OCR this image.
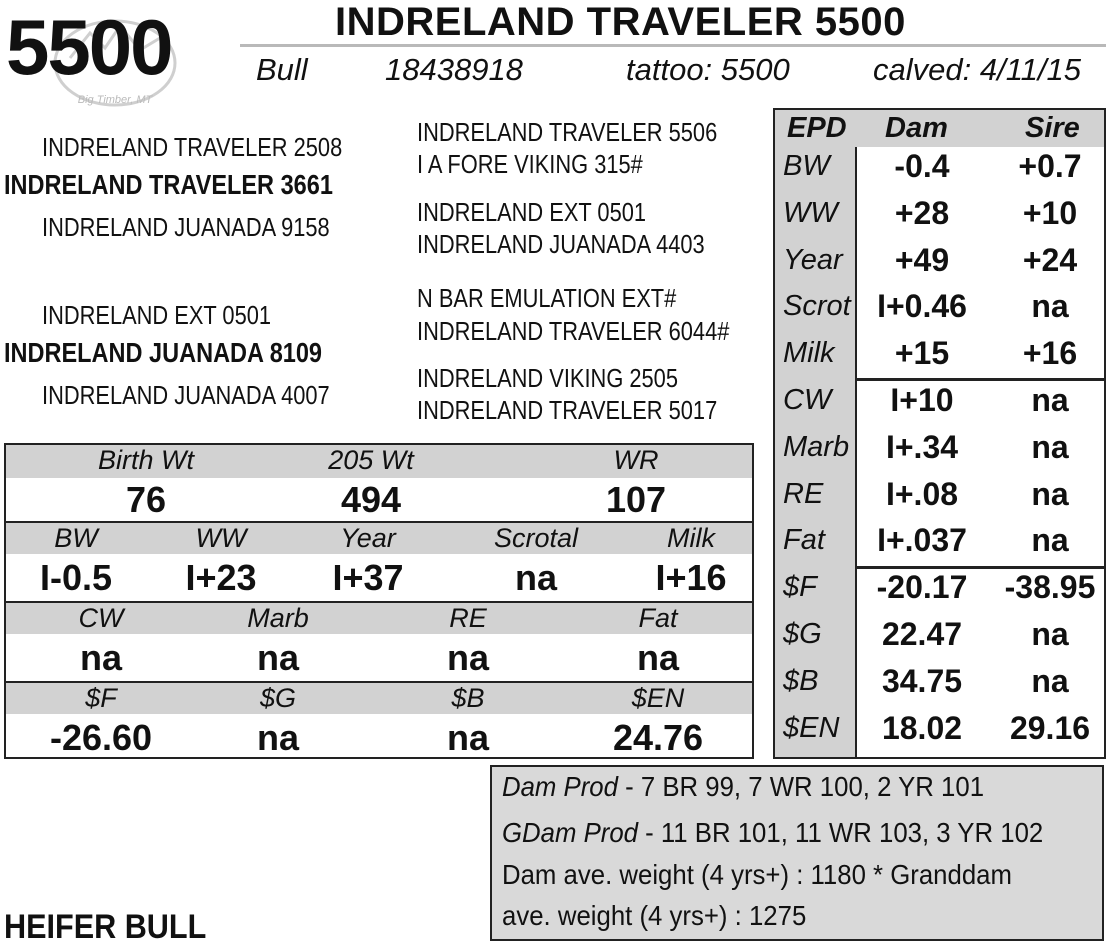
Big Timber, MT
5500	INDRELAND TRAVELER 5500
Bull 18438918	tattoo: 5500	calved: 4/11/15
INDRELAND TRAVELER 2508
INDRELAND TRAVELER 3661
INDRELAND JUANADA 9158
INDRELAND EXT 0501
INDRELAND JUANADA 8109
INDRELAND JUANADA 4007
INDRELAND TRAVELER 5506
I A FORE VIKING 315#
INDRELAND EXT 0501
INDRELAND JUANADA 4403
N BAR EMULATION EXT#
INDRELAND TRAVELER 6044#
INDRELAND VIKING 2505
INDRELAND TRAVELER 5017
Birth Wt	205 Wt	WR
76	494	107
BW	WW	Year	Scrotal	Milk
I-0.5	I+23	I+37	na	I+16
CW	Marb	RE	Fat
na	na	na	na
$F	$G	$B	$EN
-26.60	na	na	24.76
EPD Dam	Sire
BW	-0.4	+0.7
WW	+28	+10
Year	+49	+24
Scrot I+0.46	na
Milk	+15	+16
CW	I+10	na
Marb	I+.34	na
RE	I+.08	na
Fat	I+.037	na
$F	-20.17	-38.95
$G	22.47	na
$B	34.75	na
$EN	18.02	29.16
Dam Prod - 7 BR 99, 7 WR 100, 2 YR 101
GDam Prod - 11 BR 101, 11 WR 103, 3 YR 102
Dam ave. weight (4 yrs+) : 1180 * Granddam
ave. weight (4 yrs+) : 1275
HEIFER BULL
